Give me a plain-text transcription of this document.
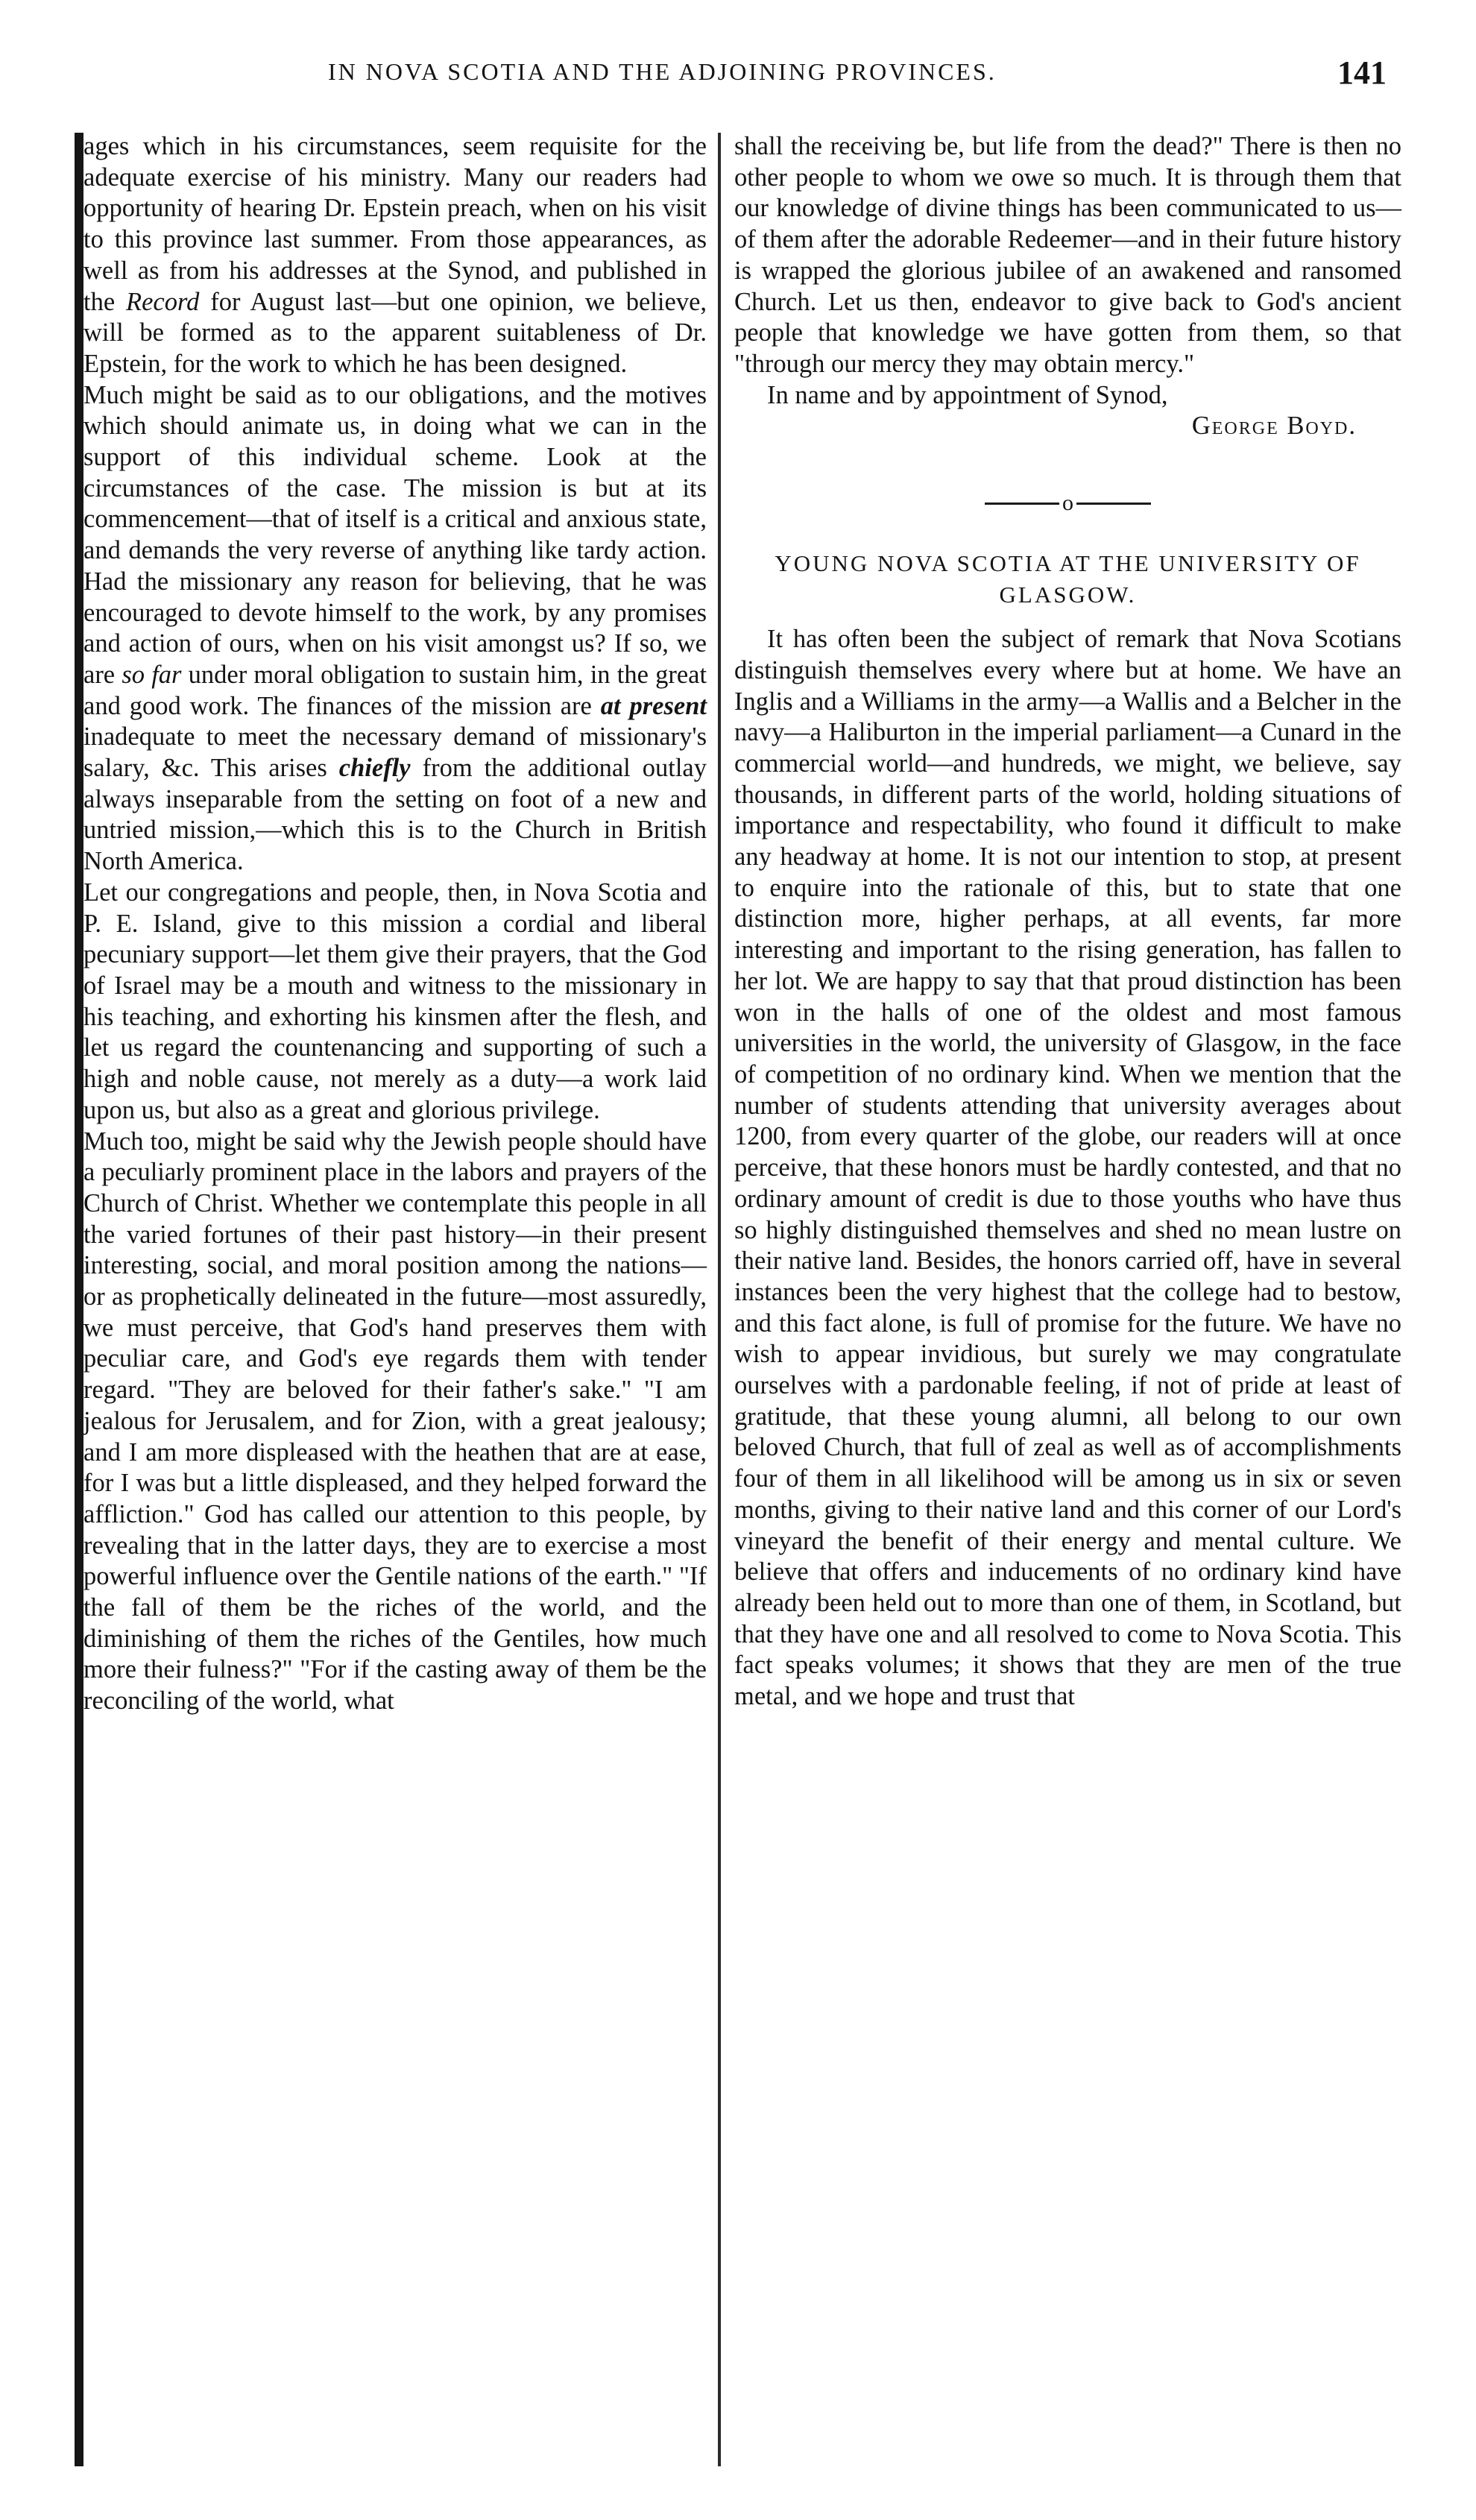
IN NOVA SCOTIA AND THE ADJOINING PROVINCES.	141

ages which in his circumstances, seem requisite for the adequate exercise of his ministry. Many our readers had opportunity of hearing Dr. Epstein preach, when on his visit to this province last summer. From those appearances, as well as from his addresses at the Synod, and published in the Record for August last—but one opinion, we believe, will be formed as to the apparent suitableness of Dr. Epstein, for the work to which he has been designed.

Much might be said as to our obligations, and the motives which should animate us, in doing what we can in the support of this individual scheme. Look at the circumstances of the case. The mission is but at its commencement—that of itself is a critical and anxious state, and demands the very reverse of anything like tardy action. Had the missionary any reason for believing, that he was encouraged to devote himself to the work, by any promises and action of ours, when on his visit amongst us? If so, we are so far under moral obligation to sustain him, in the great and good work. The finances of the mission are at present inadequate to meet the necessary demand of missionary's salary, &c. This arises chiefly from the additional outlay always inseparable from the setting on foot of a new and untried mission,—which this is to the Church in British North America.

Let our congregations and people, then, in Nova Scotia and P. E. Island, give to this mission a cordial and liberal pecuniary support—let them give their prayers, that the God of Israel may be a mouth and witness to the missionary in his teaching, and exhorting his kinsmen after the flesh, and let us regard the countenancing and supporting of such a high and noble cause, not merely as a duty—a work laid upon us, but also as a great and glorious privilege.

Much too, might be said why the Jewish people should have a peculiarly prominent place in the labors and prayers of the Church of Christ. Whether we contemplate this people in all the varied fortunes of their past history—in their present interesting, social, and moral position among the nations—or as prophetically delineated in the future—most assuredly, we must perceive, that God's hand preserves them with peculiar care, and God's eye regards them with tender regard. "They are beloved for their father's sake." "I am jealous for Jerusalem, and for Zion, with a great jealousy; and I am more displeased with the heathen that are at ease, for I was but a little displeased, and they helped forward the affliction." God has called our attention to this people, by revealing that in the latter days, they are to exercise a most powerful influence over the Gentile nations of the earth." "If the fall of them be the riches of the world, and the diminishing of them the riches of the Gentiles, how much more their fulness?" "For if the casting away of them be the reconciling of the world, what

shall the receiving be, but life from the dead?" There is then no other people to whom we owe so much. It is through them that our knowledge of divine things has been communicated to us—of them after the adorable Redeemer—and in their future history is wrapped the glorious jubilee of an awakened and ransomed Church. Let us then, endeavor to give back to God's ancient people that knowledge we have gotten from them, so that "through our mercy they may obtain mercy."

In name and by appointment of Synod,

George Boyd.

o
YOUNG NOVA SCOTIA AT THE UNIVERSITY OF GLASGOW.

It has often been the subject of remark that Nova Scotians distinguish themselves every where but at home. We have an Inglis and a Williams in the army—a Wallis and a Belcher in the navy—a Haliburton in the imperial parliament—a Cunard in the commercial world—and hundreds, we might, we believe, say thousands, in different parts of the world, holding situations of importance and respectability, who found it difficult to make any headway at home. It is not our intention to stop, at present to enquire into the rationale of this, but to state that one distinction more, higher perhaps, at all events, far more interesting and important to the rising generation, has fallen to her lot. We are happy to say that that proud distinction has been won in the halls of one of the oldest and most famous universities in the world, the university of Glasgow, in the face of competition of no ordinary kind. When we mention that the number of students attending that university averages about 1200, from every quarter of the globe, our readers will at once perceive, that these honors must be hardly contested, and that no ordinary amount of credit is due to those youths who have thus so highly distinguished themselves and shed no mean lustre on their native land. Besides, the honors carried off, have in several instances been the very highest that the college had to bestow, and this fact alone, is full of promise for the future. We have no wish to appear invidious, but surely we may congratulate ourselves with a pardonable feeling, if not of pride at least of gratitude, that these young alumni, all belong to our own beloved Church, that full of zeal as well as of accomplishments four of them in all likelihood will be among us in six or seven months, giving to their native land and this corner of our Lord's vineyard the benefit of their energy and mental culture. We believe that offers and inducements of no ordinary kind have already been held out to more than one of them, in Scotland, but that they have one and all resolved to come to Nova Scotia. This fact speaks volumes; it shows that they are men of the true metal, and we hope and trust that
